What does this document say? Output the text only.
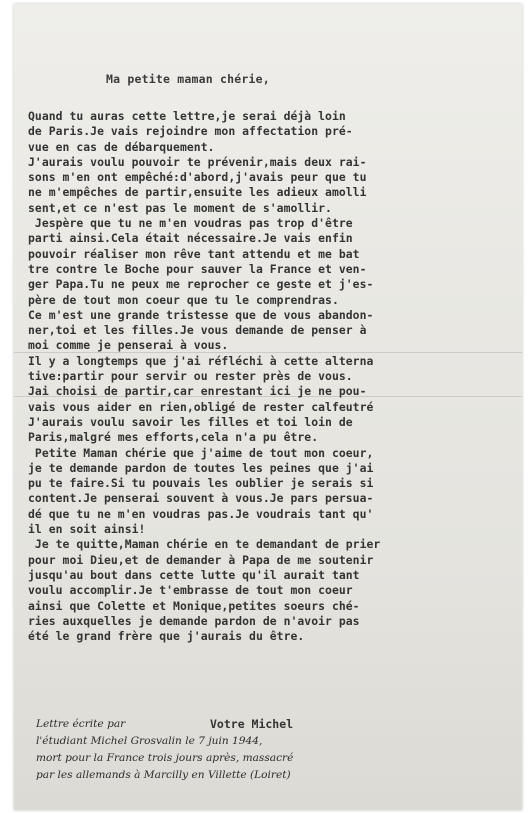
Ma petite maman chérie,
Quand tu auras cette lettre,je serai déjà loin
de Paris.Je vais rejoindre mon affectation pré-
vue en cas de débarquement.
J'aurais voulu pouvoir te prévenir,mais deux rai-
sons m'en ont empêché:d'abord,j'avais peur que tu
ne m'empêches de partir,ensuite les adieux amolli
sent,et ce n'est pas le moment de s'amollir.
Jespère que tu ne m'en voudras pas trop d'être
parti ainsi.Cela était nécessaire.Je vais enfin
pouvoir réaliser mon rêve tant attendu et me bat
tre contre le Boche pour sauver la France et ven-
ger Papa.Tu ne peux me reprocher ce geste et j'es-
père de tout mon coeur que tu le comprendras.
Ce m'est une grande tristesse que de vous abandon-
ner,toi et les filles.Je vous demande de penser à
moi comme je penserai à vous.
Il y a longtemps que j'ai réfléchi à cette alterna
tive:partir pour servir ou rester près de vous.
Jai choisi de partir,car enrestant ici je ne pou-
vais vous aider en rien,obligé de rester calfeutré
J'aurais voulu savoir les filles et toi loin de
Paris,malgré mes efforts,cela n'a pu être.
Petite Maman chérie que j'aime de tout mon coeur,
je te demande pardon de toutes les peines que j'ai
pu te faire.Si tu pouvais les oublier je serais si
content.Je penserai souvent à vous.Je pars persua-
dé que tu ne m'en voudras pas.Je voudrais tant qu'
il en soit ainsi!
Je te quitte,Maman chérie en te demandant de prier
pour moi Dieu,et de demander à Papa de me soutenir
jusqu'au bout dans cette lutte qu'il aurait tant
voulu accomplir.Je t'embrasse de tout mon coeur
ainsi que Colette et Monique,petites soeurs ché-
ries auxquelles je demande pardon de n'avoir pas
été le grand frère que j'aurais du être.
Votre Michel
Lettre écrite par
l'étudiant Michel Grosvalin le 7 juin 1944,
mort pour la France trois jours après, massacré
par les allemands à Marcilly en Villette (Loiret)
